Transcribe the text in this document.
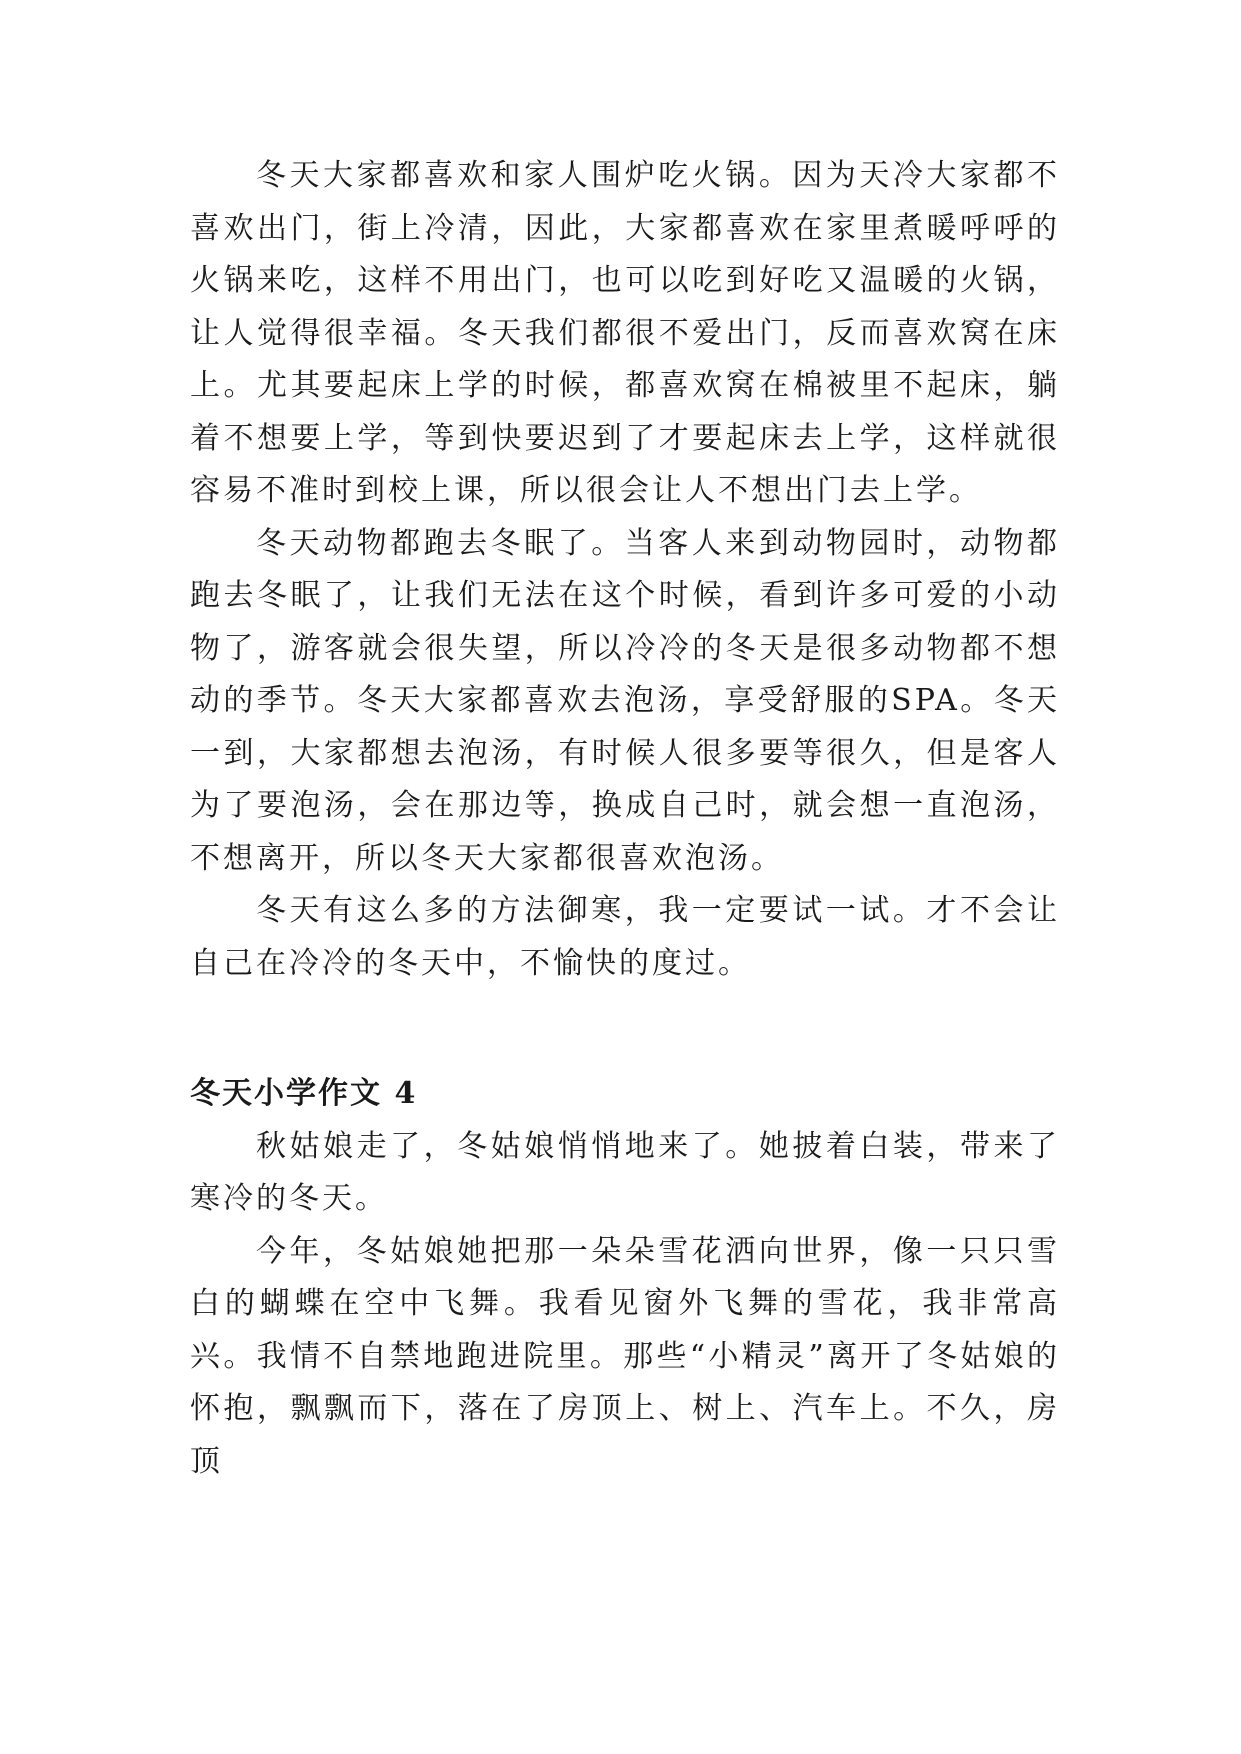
冬天大家都喜欢和家人围炉吃火锅。因为天冷大家都不喜欢出门，街上冷清，因此，大家都喜欢在家里煮暖呼呼的火锅来吃，这样不用出门，也可以吃到好吃又温暖的火锅，让人觉得很幸福。冬天我们都很不爱出门，反而喜欢窝在床上。尤其要起床上学的时候，都喜欢窝在棉被里不起床，躺着不想要上学，等到快要迟到了才要起床去上学，这样就很容易不准时到校上课，所以很会让人不想出门去上学。

冬天动物都跑去冬眠了。当客人来到动物园时，动物都跑去冬眠了，让我们无法在这个时候，看到许多可爱的小动物了，游客就会很失望，所以冷冷的冬天是很多动物都不想动的季节。冬天大家都喜欢去泡汤，享受舒服的SPA。冬天一到，大家都想去泡汤，有时候人很多要等很久，但是客人为了要泡汤，会在那边等，换成自己时，就会想一直泡汤，不想离开，所以冬天大家都很喜欢泡汤。

冬天有这么多的方法御寒，我一定要试一试。才不会让自己在冷冷的冬天中，不愉快的度过。

冬天小学作文 4

秋姑娘走了，冬姑娘悄悄地来了。她披着白装，带来了寒冷的冬天。

今年，冬姑娘她把那一朵朵雪花洒向世界，像一只只雪白的蝴蝶在空中飞舞。我看见窗外飞舞的雪花，我非常高兴。我情不自禁地跑进院里。那些“小精灵”离开了冬姑娘的怀抱，飘飘而下，落在了房顶上、树上、汽车上。不久，房顶
